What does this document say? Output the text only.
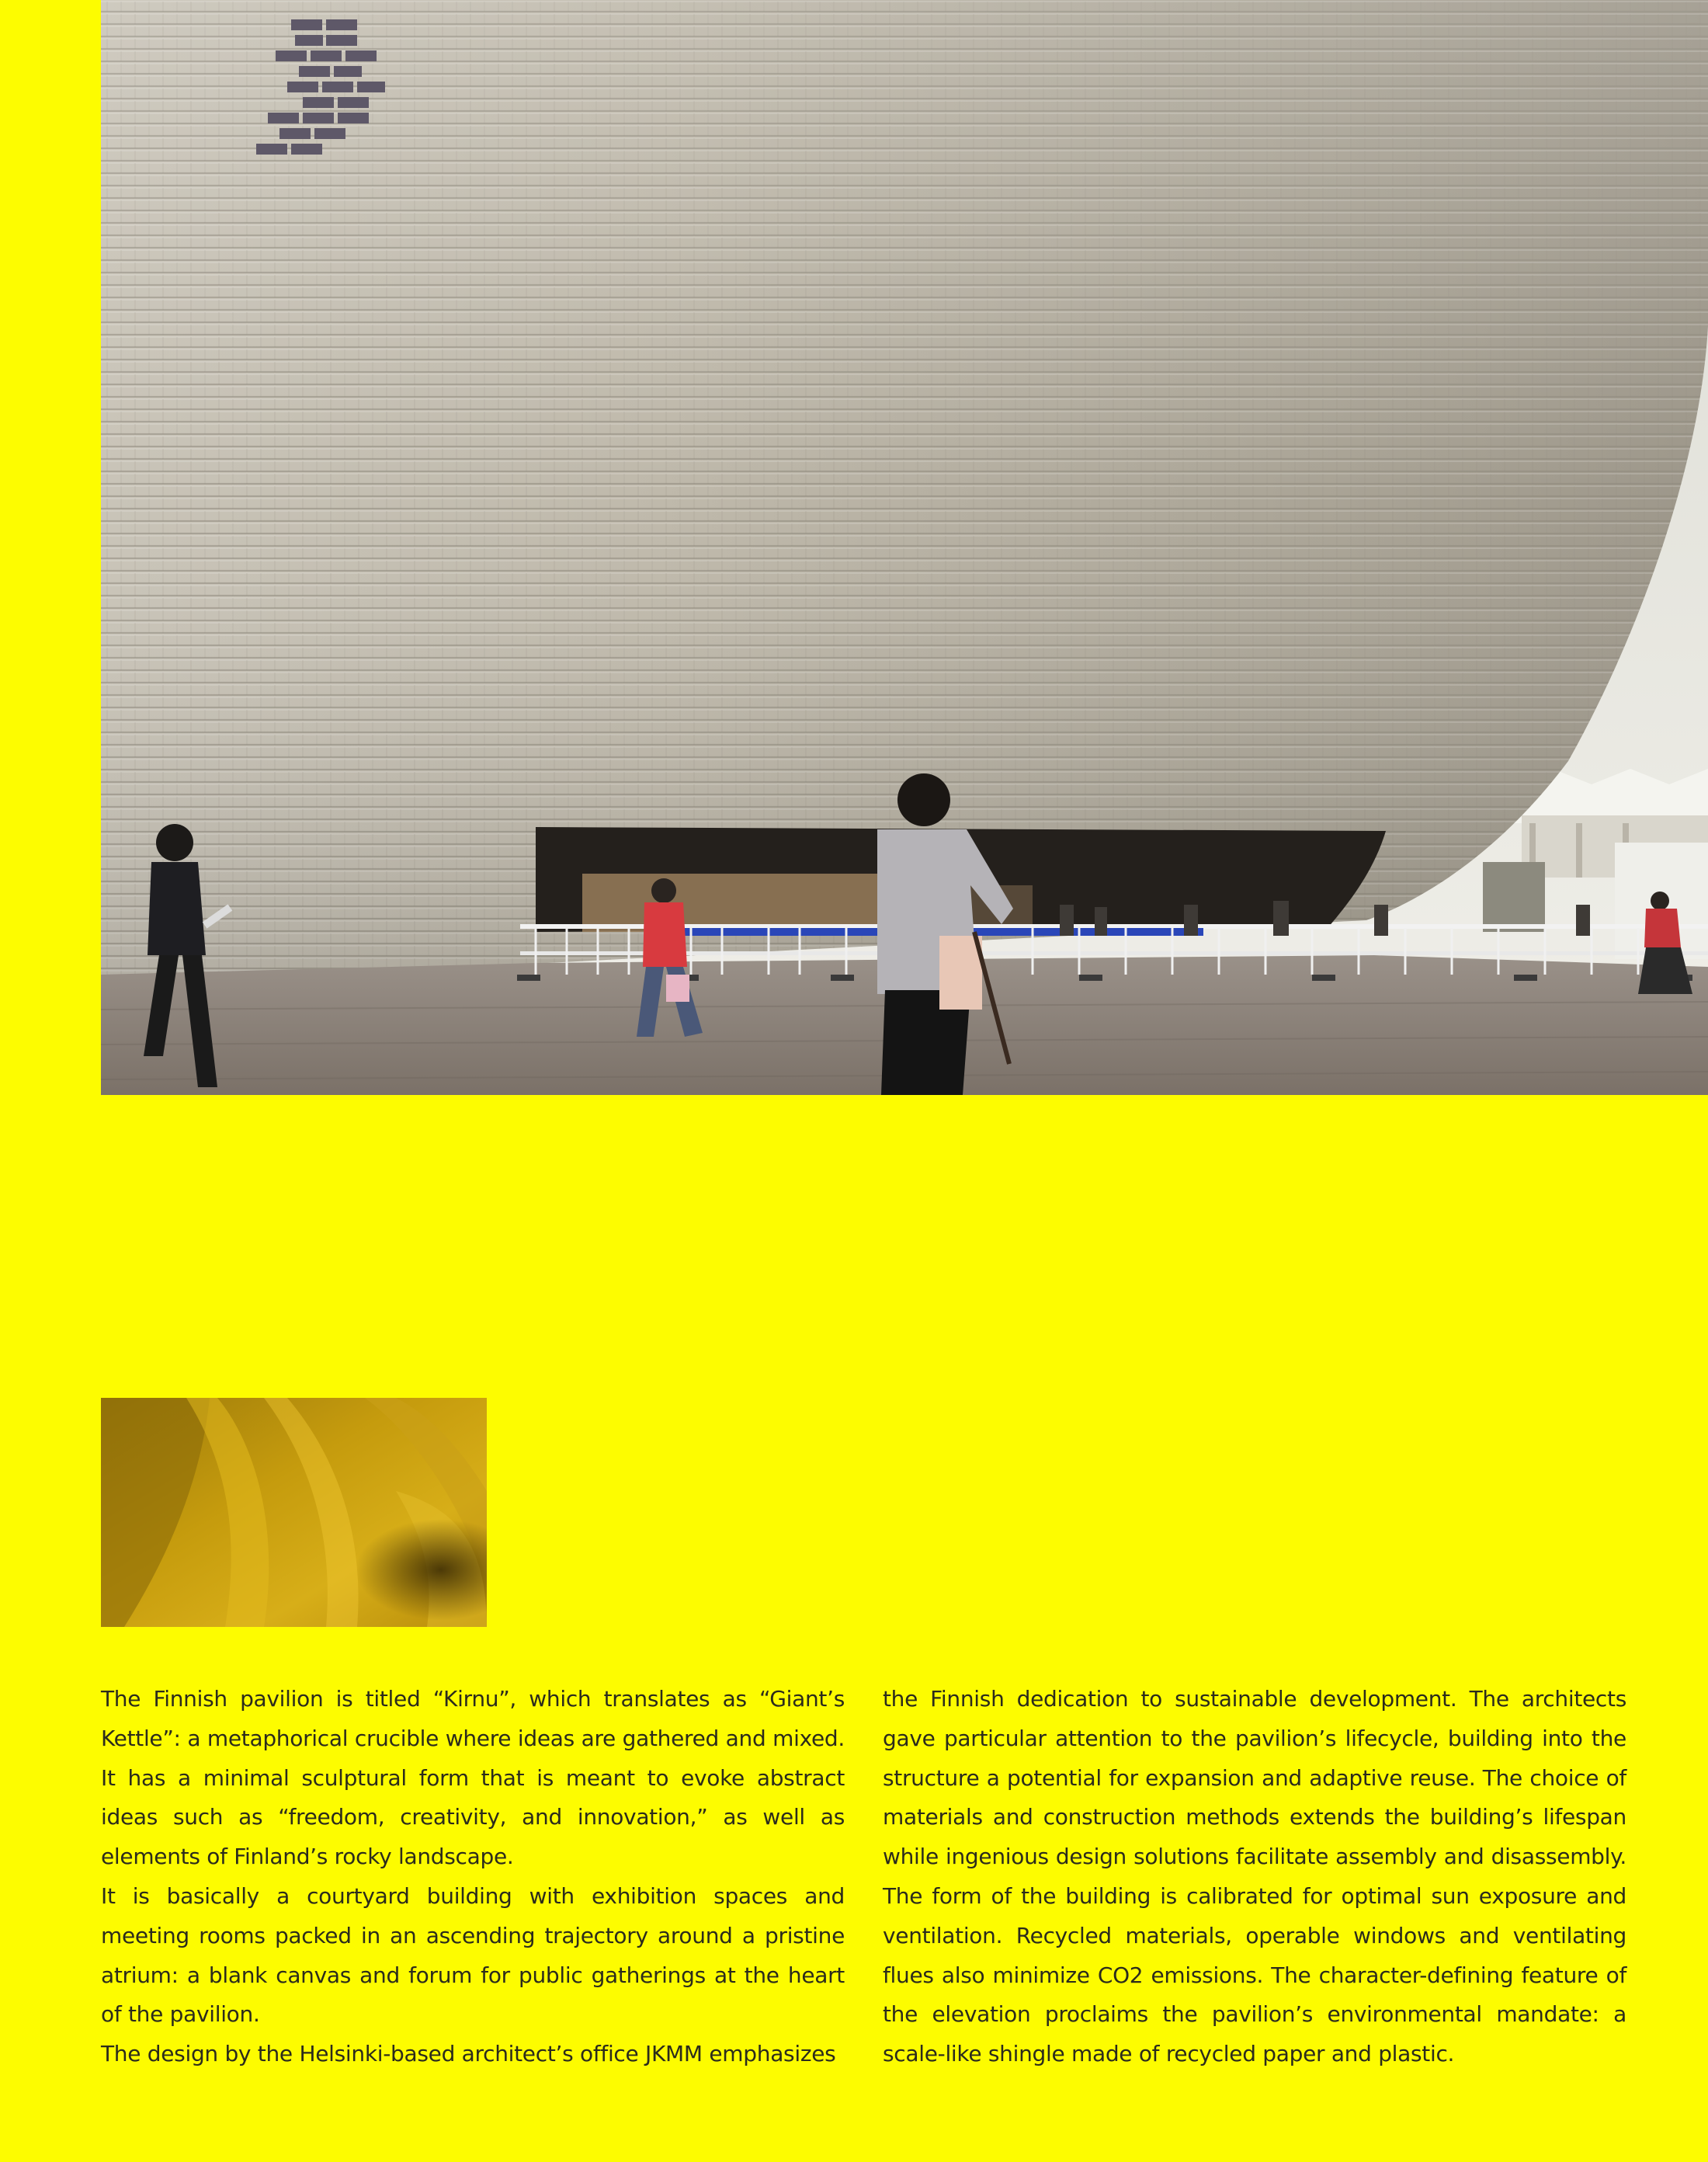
The Finnish pavilion is titled “Kirnu”, which translates as “Giant’s Kettle”: a metaphorical crucible where ideas are gathered and mixed. It has a minimal sculptural form that is meant to evoke abstract ideas such as “freedom, creativity, and innovation,” as well as elements of Finland’s rocky landscape.

It is basically a courtyard building with exhibition spaces and meeting rooms packed in an ascending trajectory around a pristine atrium: a blank canvas and forum for public gatherings at the heart of the pavilion.

The design by the Helsinki-based architect’s office JKMM emphasizes

the Finnish dedication to sustainable development. The architects gave particular attention to the pavilion’s lifecycle, building into the structure a potential for expansion and adaptive reuse. The choice of materials and construction methods extends the building’s lifespan while ingenious design solutions facilitate assembly and disassembly. The form of the building is calibrated for optimal sun exposure and ventilation. Recycled materials, operable windows and ventilating flues also minimize CO2 emissions. The character-defining feature of the elevation proclaims the pavilion’s environmental mandate: a scale-like shingle made of recycled paper and plastic.
